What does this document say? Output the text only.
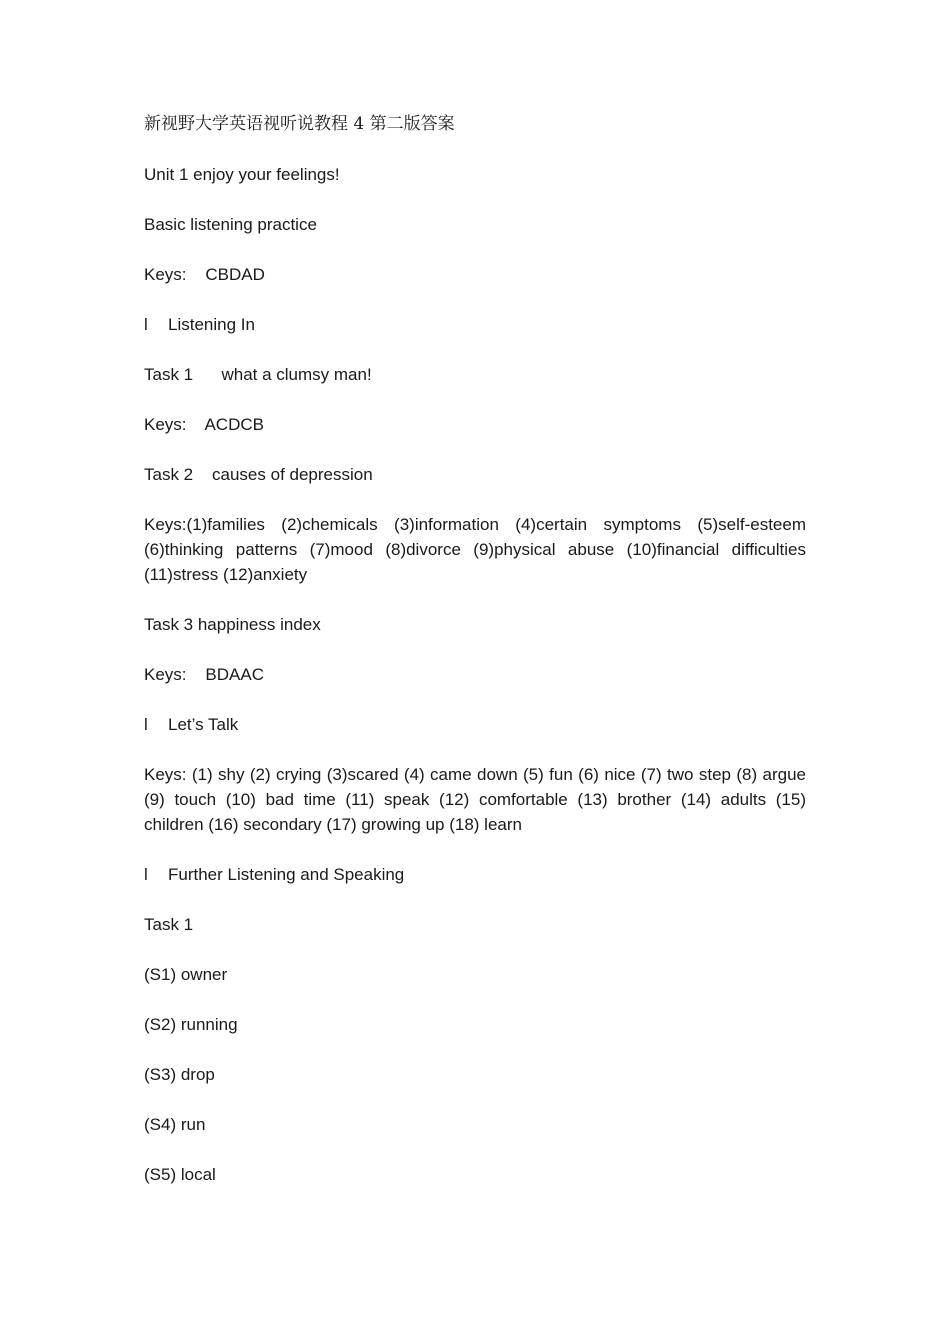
新视野大学英语视听说教程 4 第二版答案

Unit 1 enjoy your feelings!

Basic listening practice

Keys:    CBDAD

l	Listening In

Task 1      what a clumsy man!

Keys:    ACDCB

Task 2    causes of depression

Keys:(1)families (2)chemicals (3)information (4)certain symptoms (5)self-esteem (6)thinking patterns (7)mood (8)divorce (9)physical abuse (10)financial difficulties (11)stress (12)anxiety

Task 3 happiness index

Keys:    BDAAC

l	Let’s Talk

Keys: (1) shy (2) crying (3)scared (4) came down (5) fun (6) nice (7) two step (8) argue (9) touch (10) bad time (11) speak (12) comfortable (13) brother (14) adults (15) children (16) secondary (17) growing up (18) learn

l	Further Listening and Speaking

Task 1

(S1) owner

(S2) running

(S3) drop

(S4) run

(S5) local
